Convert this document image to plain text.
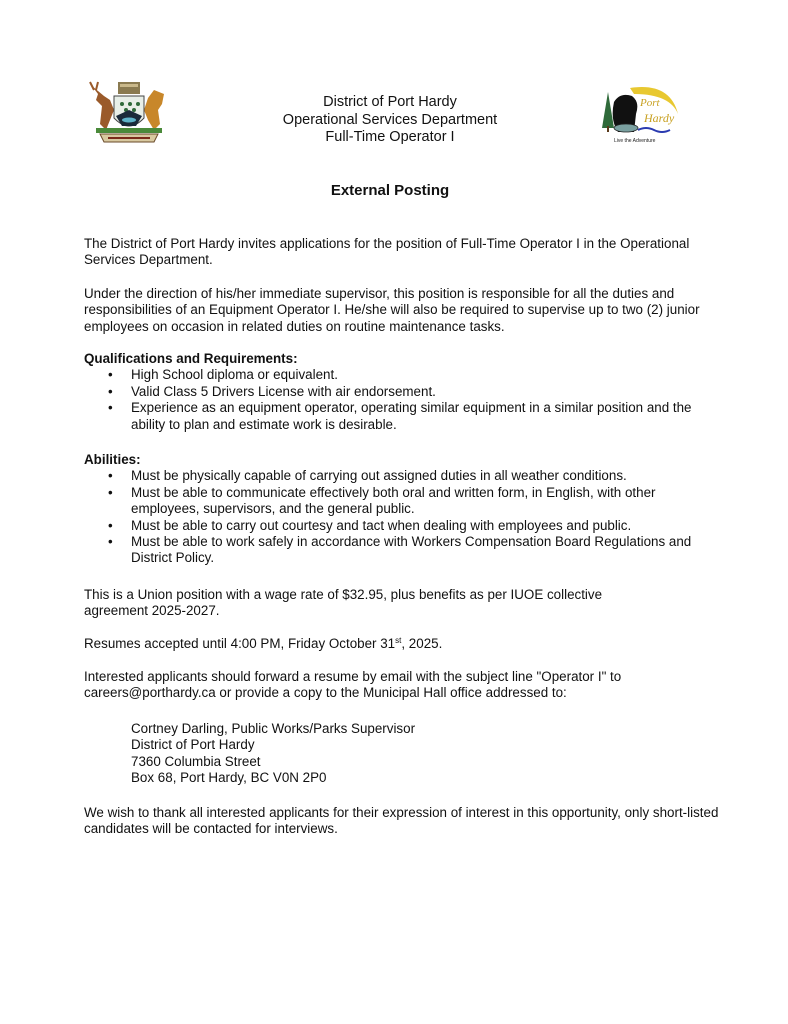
District of Port Hardy
Operational Services Department
Full-Time Operator I
Port
Hardy
Live the Adventure
External Posting
The District of Port Hardy invites applications for the position of Full-Time Operator I in the Operational Services Department.
Under the direction of his/her immediate supervisor, this position is responsible for all the duties and responsibilities of an Equipment Operator I. He/she will also be required to supervise up to two (2) junior employees on occasion in related duties on routine maintenance tasks.
Qualifications and Requirements:
•	High School diploma or equivalent.
•	Valid Class 5 Drivers License with air endorsement.
•	Experience as an equipment operator, operating similar equipment in a similar position and the ability to plan and estimate work is desirable.
Abilities:
•	Must be physically capable of carrying out assigned duties in all weather conditions.
•	Must be able to communicate effectively both oral and written form, in English, with other employees, supervisors, and the general public.
•	Must be able to carry out courtesy and tact when dealing with employees and public.
•	Must be able to work safely in accordance with Workers Compensation Board Regulations and District Policy.
This is a Union position with a wage rate of $32.95, plus benefits as per IUOE collective agreement 2025-2027.
Resumes accepted until 4:00 PM, Friday October 31st, 2025.
Interested applicants should forward a resume by email with the subject line "Operator I" to careers@porthardy.ca or provide a copy to the Municipal Hall office addressed to:
Cortney Darling, Public Works/Parks Supervisor
District of Port Hardy
7360 Columbia Street
Box 68, Port Hardy, BC V0N 2P0
We wish to thank all interested applicants for their expression of interest in this opportunity, only short-listed candidates will be contacted for interviews.
